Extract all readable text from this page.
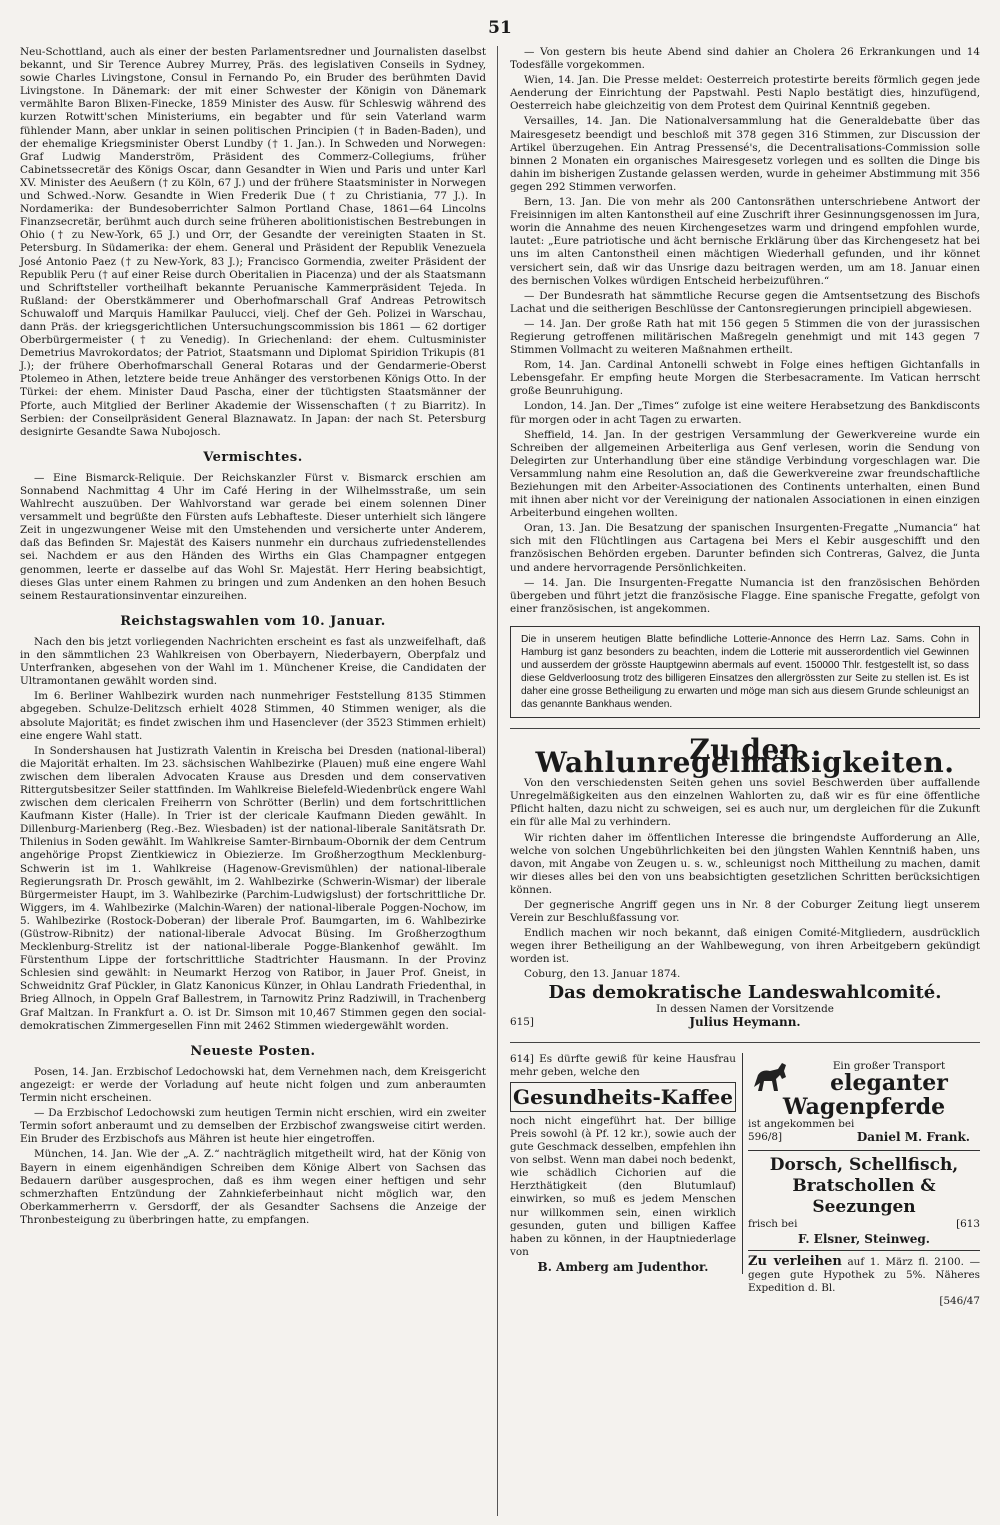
51

Neu-Schottland, auch als einer der besten Parlamentsredner und Journalisten daselbst bekannt, und Sir Terence Aubrey Murrey, Präs. des legislativen Conseils in Sydney, sowie Charles Livingstone, Consul in Fernando Po, ein Bruder des berühmten David Livingstone. In Dänemark: der mit einer Schwester der Königin von Dänemark vermählte Baron Blixen-Finecke, 1859 Minister des Ausw. für Schleswig während des kurzen Rotwitt'schen Ministeriums, ein begabter und für sein Vaterland warm fühlender Mann, aber unklar in seinen politischen Principien († in Baden-Baden), und der ehemalige Kriegsminister Oberst Lundby († 1. Jan.). In Schweden und Norwegen: Graf Ludwig Manderström, Präsident des Commerz-Collegiums, früher Cabinetssecretär des Königs Oscar, dann Gesandter in Wien und Paris und unter Karl XV. Minister des Aeußern († zu Köln, 67 J.) und der frühere Staatsminister in Norwegen und Schwed.-Norw. Gesandte in Wien Frederik Due († zu Christiania, 77 J.). In Nordamerika: der Bundesoberrichter Salmon Portland Chase, 1861—64 Lincolns Finanzsecretär, berühmt auch durch seine früheren abolitionistischen Bestrebungen in Ohio († zu New-York, 65 J.) und Orr, der Gesandte der vereinigten Staaten in St. Petersburg. In Südamerika: der ehem. General und Präsident der Republik Venezuela José Antonio Paez († zu New-York, 83 J.); Francisco Gormendia, zweiter Präsident der Republik Peru († auf einer Reise durch Oberitalien in Piacenza) und der als Staatsmann und Schriftsteller vortheilhaft bekannte Peruanische Kammerpräsident Tejeda. In Rußland: der Oberstkämmerer und Oberhofmarschall Graf Andreas Petrowitsch Schuwaloff und Marquis Hamilkar Paulucci, vielj. Chef der Geh. Polizei in Warschau, dann Präs. der kriegsgerichtlichen Untersuchungscommission bis 1861 — 62 dortiger Oberbürgermeister († zu Venedig). In Griechenland: der ehem. Cultusminister Demetrius Mavrokordatos; der Patriot, Staatsmann und Diplomat Spiridion Trikupis (81 J.); der frühere Oberhofmarschall General Rotaras und der Gendarmerie-Oberst Ptolemeo in Athen, letztere beide treue Anhänger des verstorbenen Königs Otto. In der Türkei: der ehem. Minister Daud Pascha, einer der tüchtigsten Staatsmänner der Pforte, auch Mitglied der Berliner Akademie der Wissenschaften († zu Biarritz). In Serbien: der Conseilpräsident General Blaznawatz. In Japan: der nach St. Petersburg designirte Gesandte Sawa Nubojosch.

Vermischtes.

— Eine Bismarck-Reliquie. Der Reichskanzler Fürst v. Bismarck erschien am Sonnabend Nachmittag 4 Uhr im Café Hering in der Wilhelmsstraße, um sein Wahlrecht auszuüben. Der Wahlvorstand war gerade bei einem solennen Diner versammelt und begrüßte den Fürsten aufs Lebhafteste. Dieser unterhielt sich längere Zeit in ungezwungener Weise mit den Umstehenden und versicherte unter Anderem, daß das Befinden Sr. Majestät des Kaisers nunmehr ein durchaus zufriedenstellendes sei. Nachdem er aus den Händen des Wirths ein Glas Champagner entgegen genommen, leerte er dasselbe auf das Wohl Sr. Majestät. Herr Hering beabsichtigt, dieses Glas unter einem Rahmen zu bringen und zum Andenken an den hohen Besuch seinem Restaurationsinventar einzureihen.

Reichstagswahlen vom 10. Januar.

Nach den bis jetzt vorliegenden Nachrichten erscheint es fast als unzweifelhaft, daß in den sämmtlichen 23 Wahlkreisen von Oberbayern, Niederbayern, Oberpfalz und Unterfranken, abgesehen von der Wahl im 1. Münchener Kreise, die Candidaten der Ultramontanen gewählt worden sind.

Im 6. Berliner Wahlbezirk wurden nach nunmehriger Feststellung 8135 Stimmen abgegeben. Schulze-Delitzsch erhielt 4028 Stimmen, 40 Stimmen weniger, als die absolute Majorität; es findet zwischen ihm und Hasenclever (der 3523 Stimmen erhielt) eine engere Wahl statt.

In Sondershausen hat Justizrath Valentin in Kreischa bei Dresden (national-liberal) die Majorität erhalten. Im 23. sächsischen Wahlbezirke (Plauen) muß eine engere Wahl zwischen dem liberalen Advocaten Krause aus Dresden und dem conservativen Rittergutsbesitzer Seiler stattfinden. Im Wahlkreise Bielefeld-Wiedenbrück engere Wahl zwischen dem clericalen Freiherrn von Schrötter (Berlin) und dem fortschrittlichen Kaufmann Kister (Halle). In Trier ist der clericale Kaufmann Dieden gewählt. In Dillenburg-Marienberg (Reg.-Bez. Wiesbaden) ist der national-liberale Sanitätsrath Dr. Thilenius in Soden gewählt. Im Wahlkreise Samter-Birnbaum-Obornik der dem Centrum angehörige Propst Zientkiewicz in Obiezierze. Im Großherzogthum Mecklenburg-Schwerin ist im 1. Wahlkreise (Hagenow-Grevismühlen) der national-liberale Regierungsrath Dr. Prosch gewählt, im 2. Wahlbezirke (Schwerin-Wismar) der liberale Bürgermeister Haupt, im 3. Wahlbezirke (Parchim-Ludwigslust) der fortschrittliche Dr. Wiggers, im 4. Wahlbezirke (Malchin-Waren) der national-liberale Poggen-Nochow, im 5. Wahlbezirke (Rostock-Doberan) der liberale Prof. Baumgarten, im 6. Wahlbezirke (Güstrow-Ribnitz) der national-liberale Advocat Büsing. Im Großherzogthum Mecklenburg-Strelitz ist der national-liberale Pogge-Blankenhof gewählt. Im Fürstenthum Lippe der fortschrittliche Stadtrichter Hausmann. In der Provinz Schlesien sind gewählt: in Neumarkt Herzog von Ratibor, in Jauer Prof. Gneist, in Schweidnitz Graf Pückler, in Glatz Kanonicus Künzer, in Ohlau Landrath Friedenthal, in Brieg Allnoch, in Oppeln Graf Ballestrem, in Tarnowitz Prinz Radziwill, in Trachenberg Graf Maltzan. In Frankfurt a. O. ist Dr. Simson mit 10,467 Stimmen gegen den social-demokratischen Zimmergesellen Finn mit 2462 Stimmen wiedergewählt worden.

Neueste Posten.

Posen, 14. Jan. Erzbischof Ledochowski hat, dem Vernehmen nach, dem Kreisgericht angezeigt: er werde der Vorladung auf heute nicht folgen und zum anberaumten Termin nicht erscheinen.

— Da Erzbischof Ledochowski zum heutigen Termin nicht erschien, wird ein zweiter Termin sofort anberaumt und zu demselben der Erzbischof zwangsweise citirt werden. Ein Bruder des Erzbischofs aus Mähren ist heute hier eingetroffen.

München, 14. Jan. Wie der „A. Z.“ nachträglich mitgetheilt wird, hat der König von Bayern in einem eigenhändigen Schreiben dem Könige Albert von Sachsen das Bedauern darüber ausgesprochen, daß es ihm wegen einer heftigen und sehr schmerzhaften Entzündung der Zahnkieferbeinhaut nicht möglich war, den Oberkammerherrn v. Gersdorff, der als Gesandter Sachsens die Anzeige der Thronbesteigung zu überbringen hatte, zu empfangen.

— Von gestern bis heute Abend sind dahier an Cholera 26 Erkrankungen und 14 Todesfälle vorgekommen.

Wien, 14. Jan. Die Presse meldet: Oesterreich protestirte bereits förmlich gegen jede Aenderung der Einrichtung der Papstwahl. Pesti Naplo bestätigt dies, hinzufügend, Oesterreich habe gleichzeitig von dem Protest dem Quirinal Kenntniß gegeben.

Versailles, 14. Jan. Die Nationalversammlung hat die Generaldebatte über das Mairesgesetz beendigt und beschloß mit 378 gegen 316 Stimmen, zur Discussion der Artikel überzugehen. Ein Antrag Pressensé's, die Decentralisations-Commission solle binnen 2 Monaten ein organisches Mairesgesetz vorlegen und es sollten die Dinge bis dahin im bisherigen Zustande gelassen werden, wurde in geheimer Abstimmung mit 356 gegen 292 Stimmen verworfen.

Bern, 13. Jan. Die von mehr als 200 Cantonsräthen unterschriebene Antwort der Freisinnigen im alten Kantonstheil auf eine Zuschrift ihrer Gesinnungsgenossen im Jura, worin die Annahme des neuen Kirchengesetzes warm und dringend empfohlen wurde, lautet: „Eure patriotische und ächt bernische Erklärung über das Kirchengesetz hat bei uns im alten Cantonstheil einen mächtigen Wiederhall gefunden, und ihr könnet versichert sein, daß wir das Unsrige dazu beitragen werden, um am 18. Januar einen des bernischen Volkes würdigen Entscheid herbeizuführen.“

— Der Bundesrath hat sämmtliche Recurse gegen die Amtsentsetzung des Bischofs Lachat und die seitherigen Beschlüsse der Cantonsregierungen principiell abgewiesen.

— 14. Jan. Der große Rath hat mit 156 gegen 5 Stimmen die von der jurassischen Regierung getroffenen militärischen Maßregeln genehmigt und mit 143 gegen 7 Stimmen Vollmacht zu weiteren Maßnahmen ertheilt.

Rom, 14. Jan. Cardinal Antonelli schwebt in Folge eines heftigen Gichtanfalls in Lebensgefahr. Er empfing heute Morgen die Sterbesacramente. Im Vatican herrscht große Beunruhigung.

London, 14. Jan. Der „Times“ zufolge ist eine weitere Herabsetzung des Bankdisconts für morgen oder in acht Tagen zu erwarten.

Sheffield, 14. Jan. In der gestrigen Versammlung der Gewerkvereine wurde ein Schreiben der allgemeinen Arbeiterliga aus Genf verlesen, worin die Sendung von Delegirten zur Unterhandlung über eine ständige Verbindung vorgeschlagen war. Die Versammlung nahm eine Resolution an, daß die Gewerkvereine zwar freundschaftliche Beziehungen mit den Arbeiter-Associationen des Continents unterhalten, einen Bund mit ihnen aber nicht vor der Vereinigung der nationalen Associationen in einen einzigen Arbeiterbund eingehen wollten.

Oran, 13. Jan. Die Besatzung der spanischen Insurgenten-Fregatte „Numancia“ hat sich mit den Flüchtlingen aus Cartagena bei Mers el Kebir ausgeschifft und den französischen Behörden ergeben. Darunter befinden sich Contreras, Galvez, die Junta und andere hervorragende Persönlichkeiten.

— 14. Jan. Die Insurgenten-Fregatte Numancia ist den französischen Behörden übergeben und führt jetzt die französische Flagge. Eine spanische Fregatte, gefolgt von einer französischen, ist angekommen.

Die in unserem heutigen Blatte befindliche Lotterie-Annonce des Herrn Laz. Sams. Cohn in Hamburg ist ganz besonders zu beachten, indem die Lotterie mit ausserordentlich viel Gewinnen und ausserdem der grösste Hauptgewinn abermals auf event. 150000 Thlr. festgestellt ist, so dass diese Geldverloosung trotz des billigeren Einsatzes den allergrössten zur Seite zu stellen ist. Es ist daher eine grosse Betheiligung zu erwarten und möge man sich aus diesem Grunde schleunigst an das genannte Bankhaus wenden.
Zu den Wahlunregelmäßigkeiten.

Von den verschiedensten Seiten gehen uns soviel Beschwerden über auffallende Unregelmäßigkeiten aus den einzelnen Wahlorten zu, daß wir es für eine öffentliche Pflicht halten, dazu nicht zu schweigen, sei es auch nur, um dergleichen für die Zukunft ein für alle Mal zu verhindern.

Wir richten daher im öffentlichen Interesse die bringendste Aufforderung an Alle, welche von solchen Ungebührlichkeiten bei den jüngsten Wahlen Kenntniß haben, uns davon, mit Angabe von Zeugen u. s. w., schleunigst noch Mittheilung zu machen, damit wir dieses alles bei den von uns beabsichtigten gesetzlichen Schritten berücksichtigen können.

Der gegnerische Angriff gegen uns in Nr. 8 der Coburger Zeitung liegt unserem Verein zur Beschlußfassung vor.

Endlich machen wir noch bekannt, daß einigen Comité-Mitgliedern, ausdrücklich wegen ihrer Betheiligung an der Wahlbewegung, von ihren Arbeitgebern gekündigt worden ist.

Coburg, den 13. Januar 1874.

Das demokratische Landeswahlcomité.
In dessen Namen der Vorsitzende
615]	Julius Heymann.

614] Es dürfte gewiß für keine Hausfrau mehr geben, welche den

Gesundheits-Kaffee

noch nicht eingeführt hat. Der billige Preis sowohl (à Pf. 12 kr.), sowie auch der gute Geschmack desselben, empfehlen ihn von selbst. Wenn man dabei noch bedenkt, wie schädlich Cichorien auf die Herzthätigkeit (den Blutumlauf) einwirken, so muß es jedem Menschen nur willkommen sein, einen wirklich gesunden, guten und billigen Kaffee haben zu können, in der Hauptniederlage von

B. Amberg am Judenthor.
Ein großer Transport
eleganter
Wagenpferde
ist angekommen bei
596/8]	Daniel M. Frank.
Dorsch, Schellfisch, Bratschollen & Seezungen
frisch bei	[613
F. Elsner, Steinweg.
Zu verleihen auf 1. März fl. 2100. — gegen gute Hypothek zu 5%. Näheres Expedition d. Bl.
[546/47
